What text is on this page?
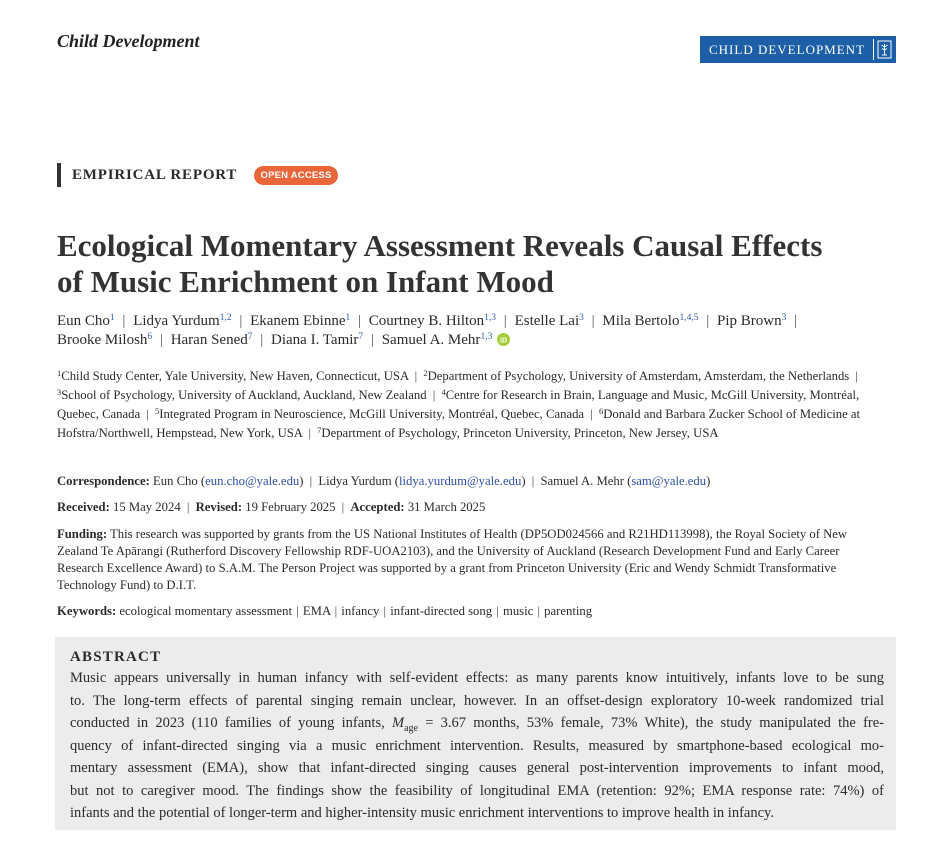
Child Development	CHILD DEVELOPMENT
EMPIRICAL REPORT	OPEN ACCESS
Ecological Momentary Assessment Reveals Causal Effects
of Music Enrichment on Infant Mood
Eun Cho$^1$ | Lidya Yurdum$^{1,2}$ | Ekanem Ebinne$^1$ | Courtney B. Hilton$^{1,3}$ | Estelle Lai$^3$ | Mila Bertolo$^{1,4,5}$ | Pip Brown$^3$ |
Brooke Milosh$^6$ | Haran Sened$^7$ | Diana I. Tamir$^7$ | Samuel A. Mehr$^{1,3}$ iD

$^1$Child Study Center, Yale University, New Haven, Connecticut, USA | $^2$Department of Psychology, University of Amsterdam, Amsterdam, the Netherlands | $^3$School of Psychology, University of Auckland, Auckland, New Zealand | $^4$Centre for Research in Brain, Language and Music, McGill University, Montréal, Quebec, Canada | $^5$Integrated Program in Neuroscience, McGill University, Montréal, Quebec, Canada | $^6$Donald and Barbara Zucker School of Medicine at Hofstra/Northwell, Hempstead, New York, USA | $^7$Department of Psychology, Princeton University, Princeton, New Jersey, USA

Correspondence: Eun Cho (eun.cho@yale.edu) | Lidya Yurdum (lidya.yurdum@yale.edu) | Samuel A. Mehr (sam@yale.edu)
Received: 15 May 2024 | Revised: 19 February 2025 | Accepted: 31 March 2025

Funding: This research was supported by grants from the US National Institutes of Health (DP5OD024566 and R21HD113998), the Royal Society of New Zealand Te Apārangi (Rutherford Discovery Fellowship RDF-UOA2103), and the University of Auckland (Research Development Fund and Early Career Research Excellence Award) to S.A.M. The Person Project was supported by a grant from Princeton University (Eric and Wendy Schmidt Transformative Technology Fund) to D.I.T.

Keywords: ecological momentary assessment | EMA | infancy | infant-directed song | music | parenting
ABSTRACT
Music appears universally in human infancy with self-evident effects: as many parents know intuitively, infants love to be sung
to. The long-term effects of parental singing remain unclear, however. In an offset-design exploratory 10-week randomized trial
conducted in 2023 (110 families of young infants, $M_{age} = 3.67$ months, 53% female, 73% White), the study manipulated the fre-
quency of infant-directed singing via a music enrichment intervention. Results, measured by smartphone-based ecological mo-
mentary assessment (EMA), show that infant-directed singing causes general post-intervention improvements to infant mood,
but not to caregiver mood. The findings show the feasibility of longitudinal EMA (retention: 92%; EMA response rate: 74%) of
infants and the potential of longer-term and higher-intensity music enrichment interventions to improve health in infancy.
